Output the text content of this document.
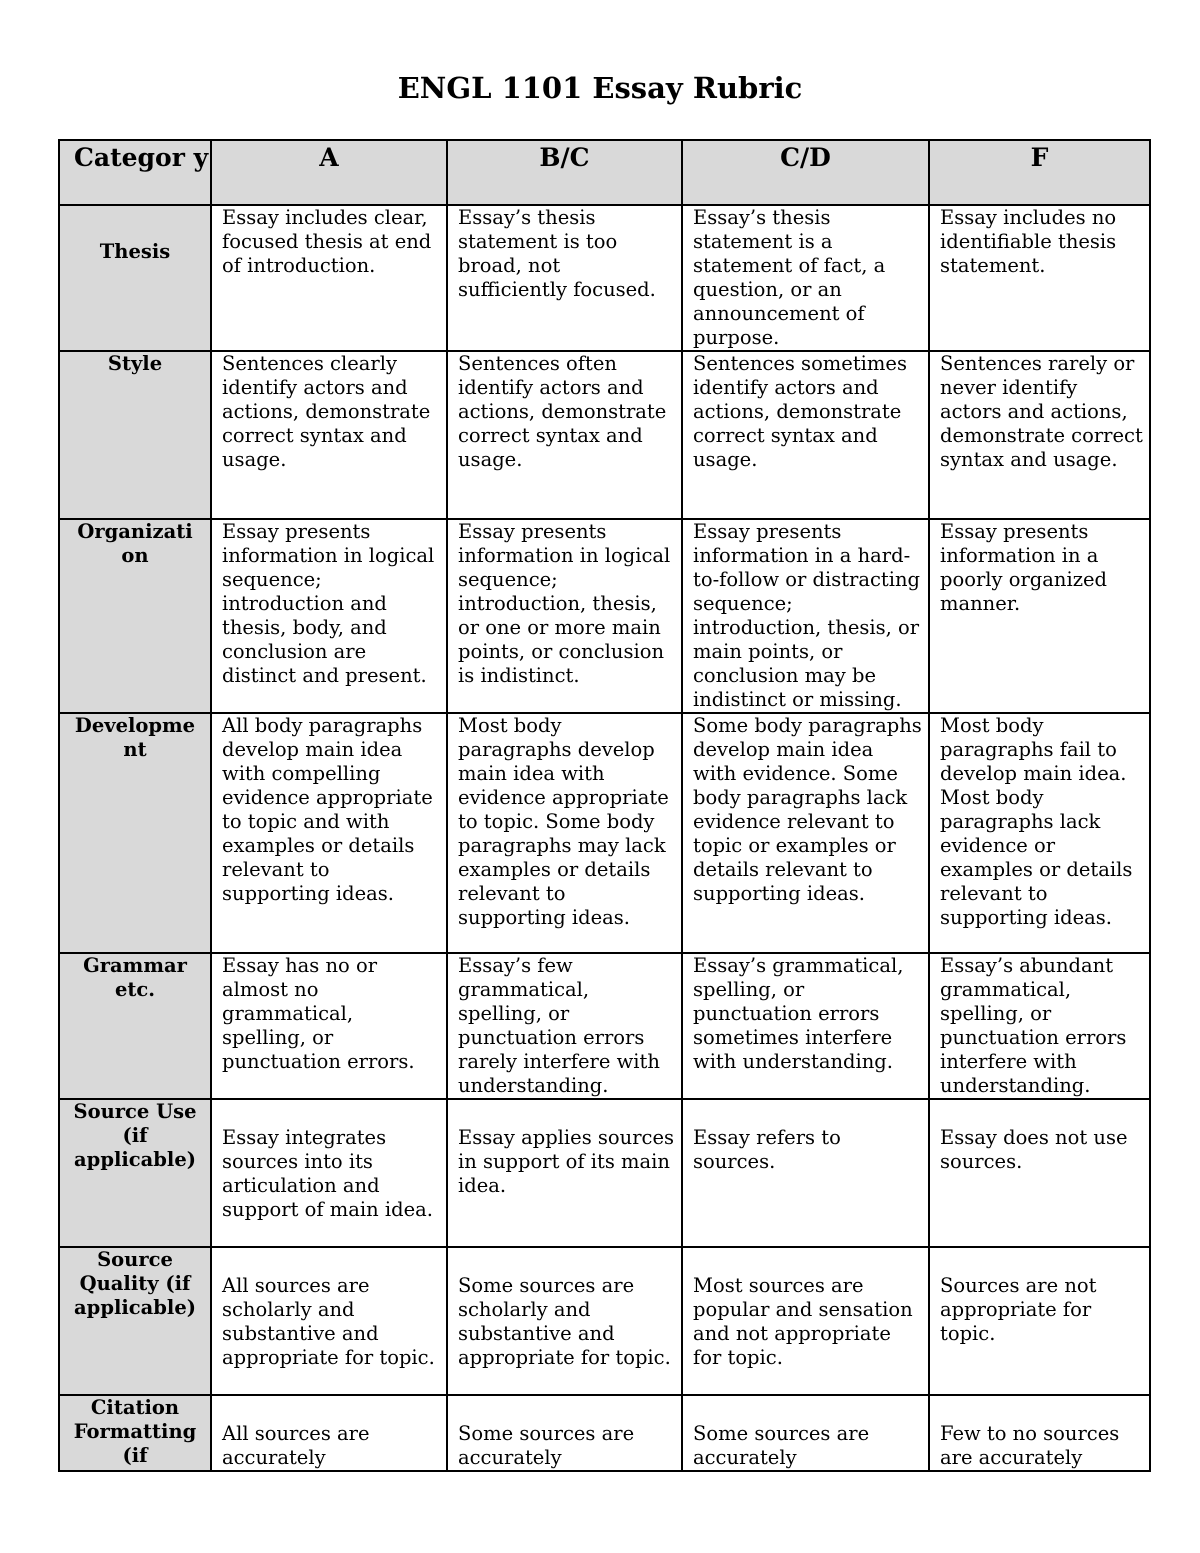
ENGL 1101 Essay Rubric
Categor y	A	B/C	C/D	F
Thesis	Essay includes clear, focused thesis at end of introduction.	Essay’s thesis statement is too broad, not sufficiently focused.	Essay’s thesis statement is a statement of fact, a question, or an announcement of purpose.	Essay includes no identifiable thesis statement.
Style	Sentences clearly identify actors and actions, demonstrate correct syntax and usage.	Sentences often identify actors and actions, demonstrate correct syntax and usage.	Sentences sometimes identify actors and actions, demonstrate correct syntax and usage.	Sentences rarely or never identify actors and actions, demonstrate correct syntax and usage.
Organizati on	Essay presents information in logical sequence; introduction and thesis, body, and conclusion are distinct and present.	Essay presents information in logical sequence; introduction, thesis, or one or more main points, or conclusion is indistinct.	Essay presents information in a hard-to-follow or distracting sequence; introduction, thesis, or main points, or conclusion may be indistinct or missing.	Essay presents information in a poorly organized manner.
Developme nt	All body paragraphs develop main idea with compelling evidence appropriate to topic and with examples or details relevant to supporting ideas.	Most body paragraphs develop main idea with evidence appropriate to topic. Some body paragraphs may lack examples or details relevant to supporting ideas.	Some body paragraphs develop main idea with evidence. Some body paragraphs lack evidence relevant to topic or examples or details relevant to supporting ideas.	Most body paragraphs fail to develop main idea. Most body paragraphs lack evidence or examples or details relevant to supporting ideas.
Grammar etc.	Essay has no or almost no grammatical, spelling, or punctuation errors.	Essay’s few grammatical, spelling, or punctuation errors rarely interfere with understanding.	Essay’s grammatical, spelling, or punctuation errors sometimes interfere with understanding.	Essay’s abundant grammatical, spelling, or punctuation errors interfere with understanding.
Source Use (if applicable)	Essay integrates sources into its articulation and support of main idea.	Essay applies sources in support of its main idea.	Essay refers to sources.	Essay does not use sources.
Source Quality (if applicable)	All sources are scholarly and substantive and appropriate for topic.	Some sources are scholarly and substantive and appropriate for topic.	Most sources are popular and sensation and not appropriate for topic.	Sources are not appropriate for topic.
Citation Formatting (if	All sources are accurately	Some sources are accurately	Some sources are accurately	Few to no sources are accurately
